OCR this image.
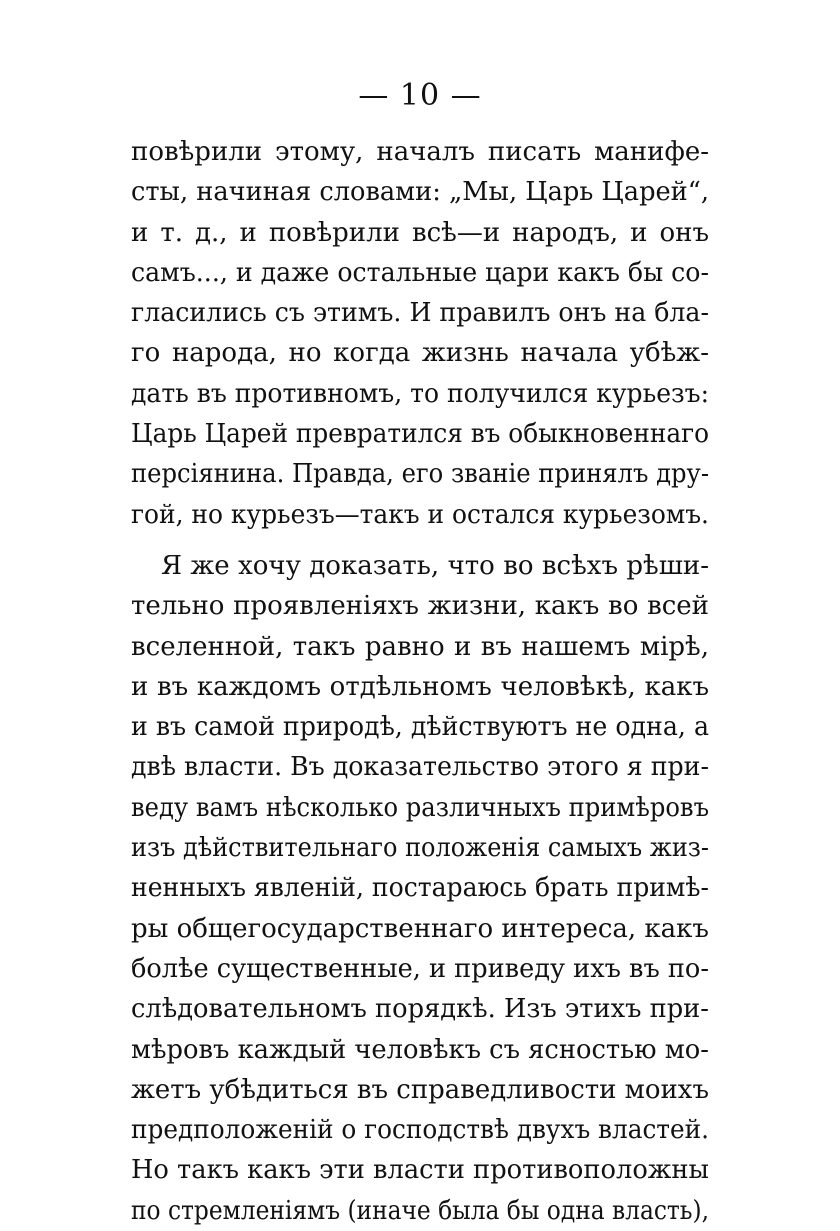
— 10 —
повѣрили этому, началъ писать манифе-
сты, начиная словами: „Мы, Царь Царей“,
и т. д., и повѣрили всѣ—и народъ, и онъ
самъ..., и даже остальные цари какъ бы со-
гласились съ этимъ. И правилъ онъ на бла-
го народа, но когда жизнь начала убѣж-
дать въ противномъ, то получился курьезъ:
Царь Царей превратился въ обыкновеннаго
персіянина. Правда, его званіе принялъ дру-
гой, но курьезъ—такъ и остался курьезомъ.
Я же хочу доказать, что во всѣхъ рѣши-
тельно проявленіяхъ жизни, какъ во всей
вселенной, такъ равно и въ нашемъ мірѣ,
и въ каждомъ отдѣльномъ человѣкѣ, какъ
и въ самой природѣ, дѣйствуютъ не одна, а
двѣ власти. Въ доказательство этого я при-
веду вамъ нѣсколько различныхъ примѣровъ
изъ дѣйствительнаго положенія самыхъ жиз-
ненныхъ явленій, постараюсь брать примѣ-
ры общегосударственнаго интереса, какъ
болѣе существенные, и приведу ихъ въ по-
слѣдовательномъ порядкѣ. Изъ этихъ при-
мѣровъ каждый человѣкъ съ ясностью мо-
жетъ убѣдиться въ справедливости моихъ
предположеній о господствѣ двухъ властей.
Но такъ какъ эти власти противоположны
по стремленіямъ (иначе была бы одна власть),
